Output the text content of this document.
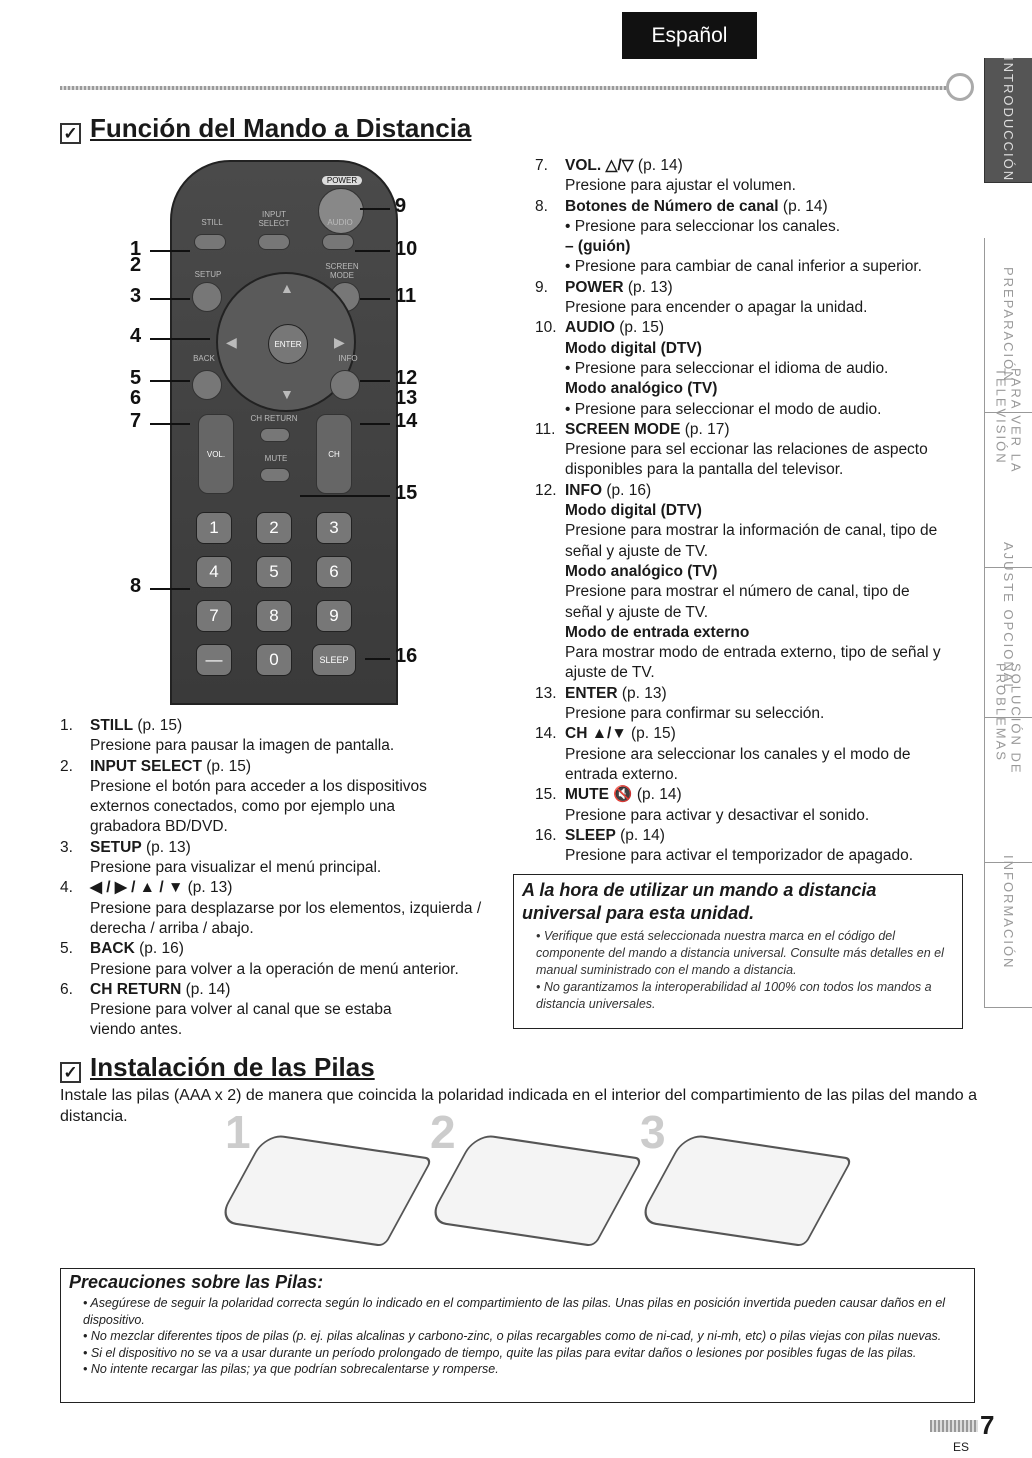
Español
INTRODUCCIÓN
PREPARACIÓN
PARA VER LA TELEVISIÓN
AJUSTE OPCIONAL
SOLUCIÓN DE PROBLEMAS
INFORMACIÓN
✓ Función del Mando a Distancia
POWER
STILL
INPUT SELECT	AUDIO
SETUP
SCREEN MODE
▲
▼
◀	▶
ENTER
BACK	INFO
CH RETURN
VOL.	CH
MUTE
1	2	3
4	5	6
7	8	9
—	0	SLEEP
1
2
3
4
5
6
7
8
9
10
11
12
13
14
15
16
1.	STILL (p. 15)
Presione para pausar la imagen de pantalla.
2.	INPUT SELECT (p. 15)
Presione el botón para acceder a los dispositivos
externos conectados, como por ejemplo una
grabadora BD/DVD.
3.	SETUP (p. 13)
Presione para visualizar el menú principal.
4.	◀ / ▶ / ▲ / ▼ (p. 13)
Presione para desplazarse por los elementos, izquierda /
derecha / arriba / abajo.
5.	BACK (p. 16)
Presione para volver a la operación de menú anterior.
6.	CH RETURN (p. 14)
Presione para volver al canal que se estaba
viendo antes.
7.	VOL. △/▽ (p. 14)
Presione para ajustar el volumen.
8.	Botones de Número de canal (p. 14)
• Presione para seleccionar los canales.
– (guión)
• Presione para cambiar de canal inferior a superior.
9.	POWER (p. 13)
Presione para encender o apagar la unidad.
10. AUDIO (p. 15)
Modo digital (DTV)
• Presione para seleccionar el idioma de audio.
Modo analógico (TV)
• Presione para seleccionar el modo de audio.
11. SCREEN MODE (p. 17)
Presione para sel eccionar las relaciones de aspecto
disponibles para la pantalla del televisor.
12. INFO (p. 16)
Modo digital (DTV)
Presione para mostrar la información de canal, tipo de
señal y ajuste de TV.
Modo analógico (TV)
Presione para mostrar el número de canal, tipo de
señal y ajuste de TV.
Modo de entrada externo
Para mostrar modo de entrada externo, tipo de señal y
ajuste de TV.
13. ENTER (p. 13)
Presione para confirmar su selección.
14. CH ▲/▼ (p. 15)
Presione ara seleccionar los canales y el modo de
entrada externo.
15. MUTE 🔇 (p. 14)
Presione para activar y desactivar el sonido.
16. SLEEP (p. 14)
Presione para activar el temporizador de apagado.
A la hora de utilizar un mando a distancia universal para esta unidad.
• Verifique que está seleccionada nuestra marca en el código del componente del mando a distancia universal. Consulte más detalles en el manual suministrado con el mando a distancia.
• No garantizamos la interoperabilidad al 100% con todos los mandos a distancia universales.
✓ Instalación de las Pilas
Instale las pilas (AAA x 2) de manera que coincida la polaridad indicada en el interior del compartimiento de las pilas del mando a distancia.	1	2	3
Precauciones sobre las Pilas:
• Asegúrese de seguir la polaridad correcta según lo indicado en el compartimiento de las pilas. Unas pilas en posición invertida pueden causar daños en el dispositivo.
• No mezclar diferentes tipos de pilas (p. ej. pilas alcalinas y carbono-zinc, o pilas recargables como de ni-cad, y ni-mh, etc) o pilas viejas con pilas nuevas.
• Si el dispositivo no se va a usar durante un período prolongado de tiempo, quite las pilas para evitar daños o lesiones por posibles fugas de las pilas.
• No intente recargar las pilas; ya que podrían sobrecalentarse y romperse.
7
ES
